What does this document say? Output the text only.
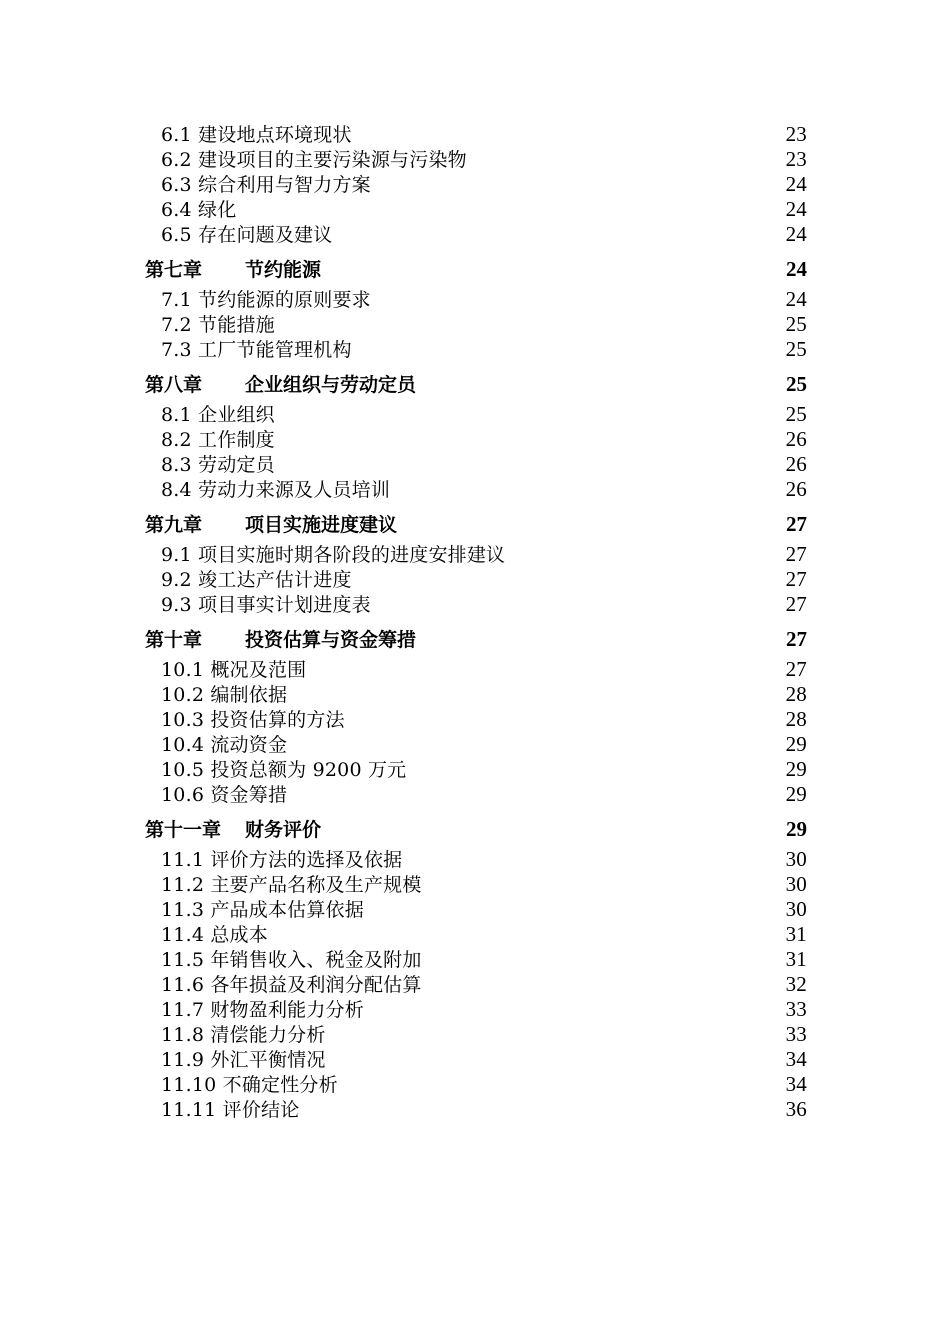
6.1 建设地点环境现状	23
6.2 建设项目的主要污染源与污染物	23
6.3 综合利用与智力方案	24
6.4 绿化	24
6.5 存在问题及建议	24
第七章 节约能源	24
7.1 节约能源的原则要求	24
7.2 节能措施	25
7.3 工厂节能管理机构	25
第八章 企业组织与劳动定员	25
8.1 企业组织	25
8.2 工作制度	26
8.3 劳动定员	26
8.4 劳动力来源及人员培训	26
第九章 项目实施进度建议	27
9.1 项目实施时期各阶段的进度安排建议	27
9.2 竣工达产估计进度	27
9.3 项目事实计划进度表	27
第十章 投资估算与资金筹措	27
10.1 概况及范围	27
10.2 编制依据	28
10.3 投资估算的方法	28
10.4 流动资金	29
10.5 投资总额为 9200 万元	29
10.6 资金筹措	29
第十一章 财务评价	29
11.1 评价方法的选择及依据	30
11.2 主要产品名称及生产规模	30
11.3 产品成本估算依据	30
11.4 总成本	31
11.5 年销售收入、税金及附加	31
11.6 各年损益及利润分配估算	32
11.7 财物盈利能力分析	33
11.8 清偿能力分析	33
11.9 外汇平衡情况	34
11.10 不确定性分析	34
11.11 评价结论	36
